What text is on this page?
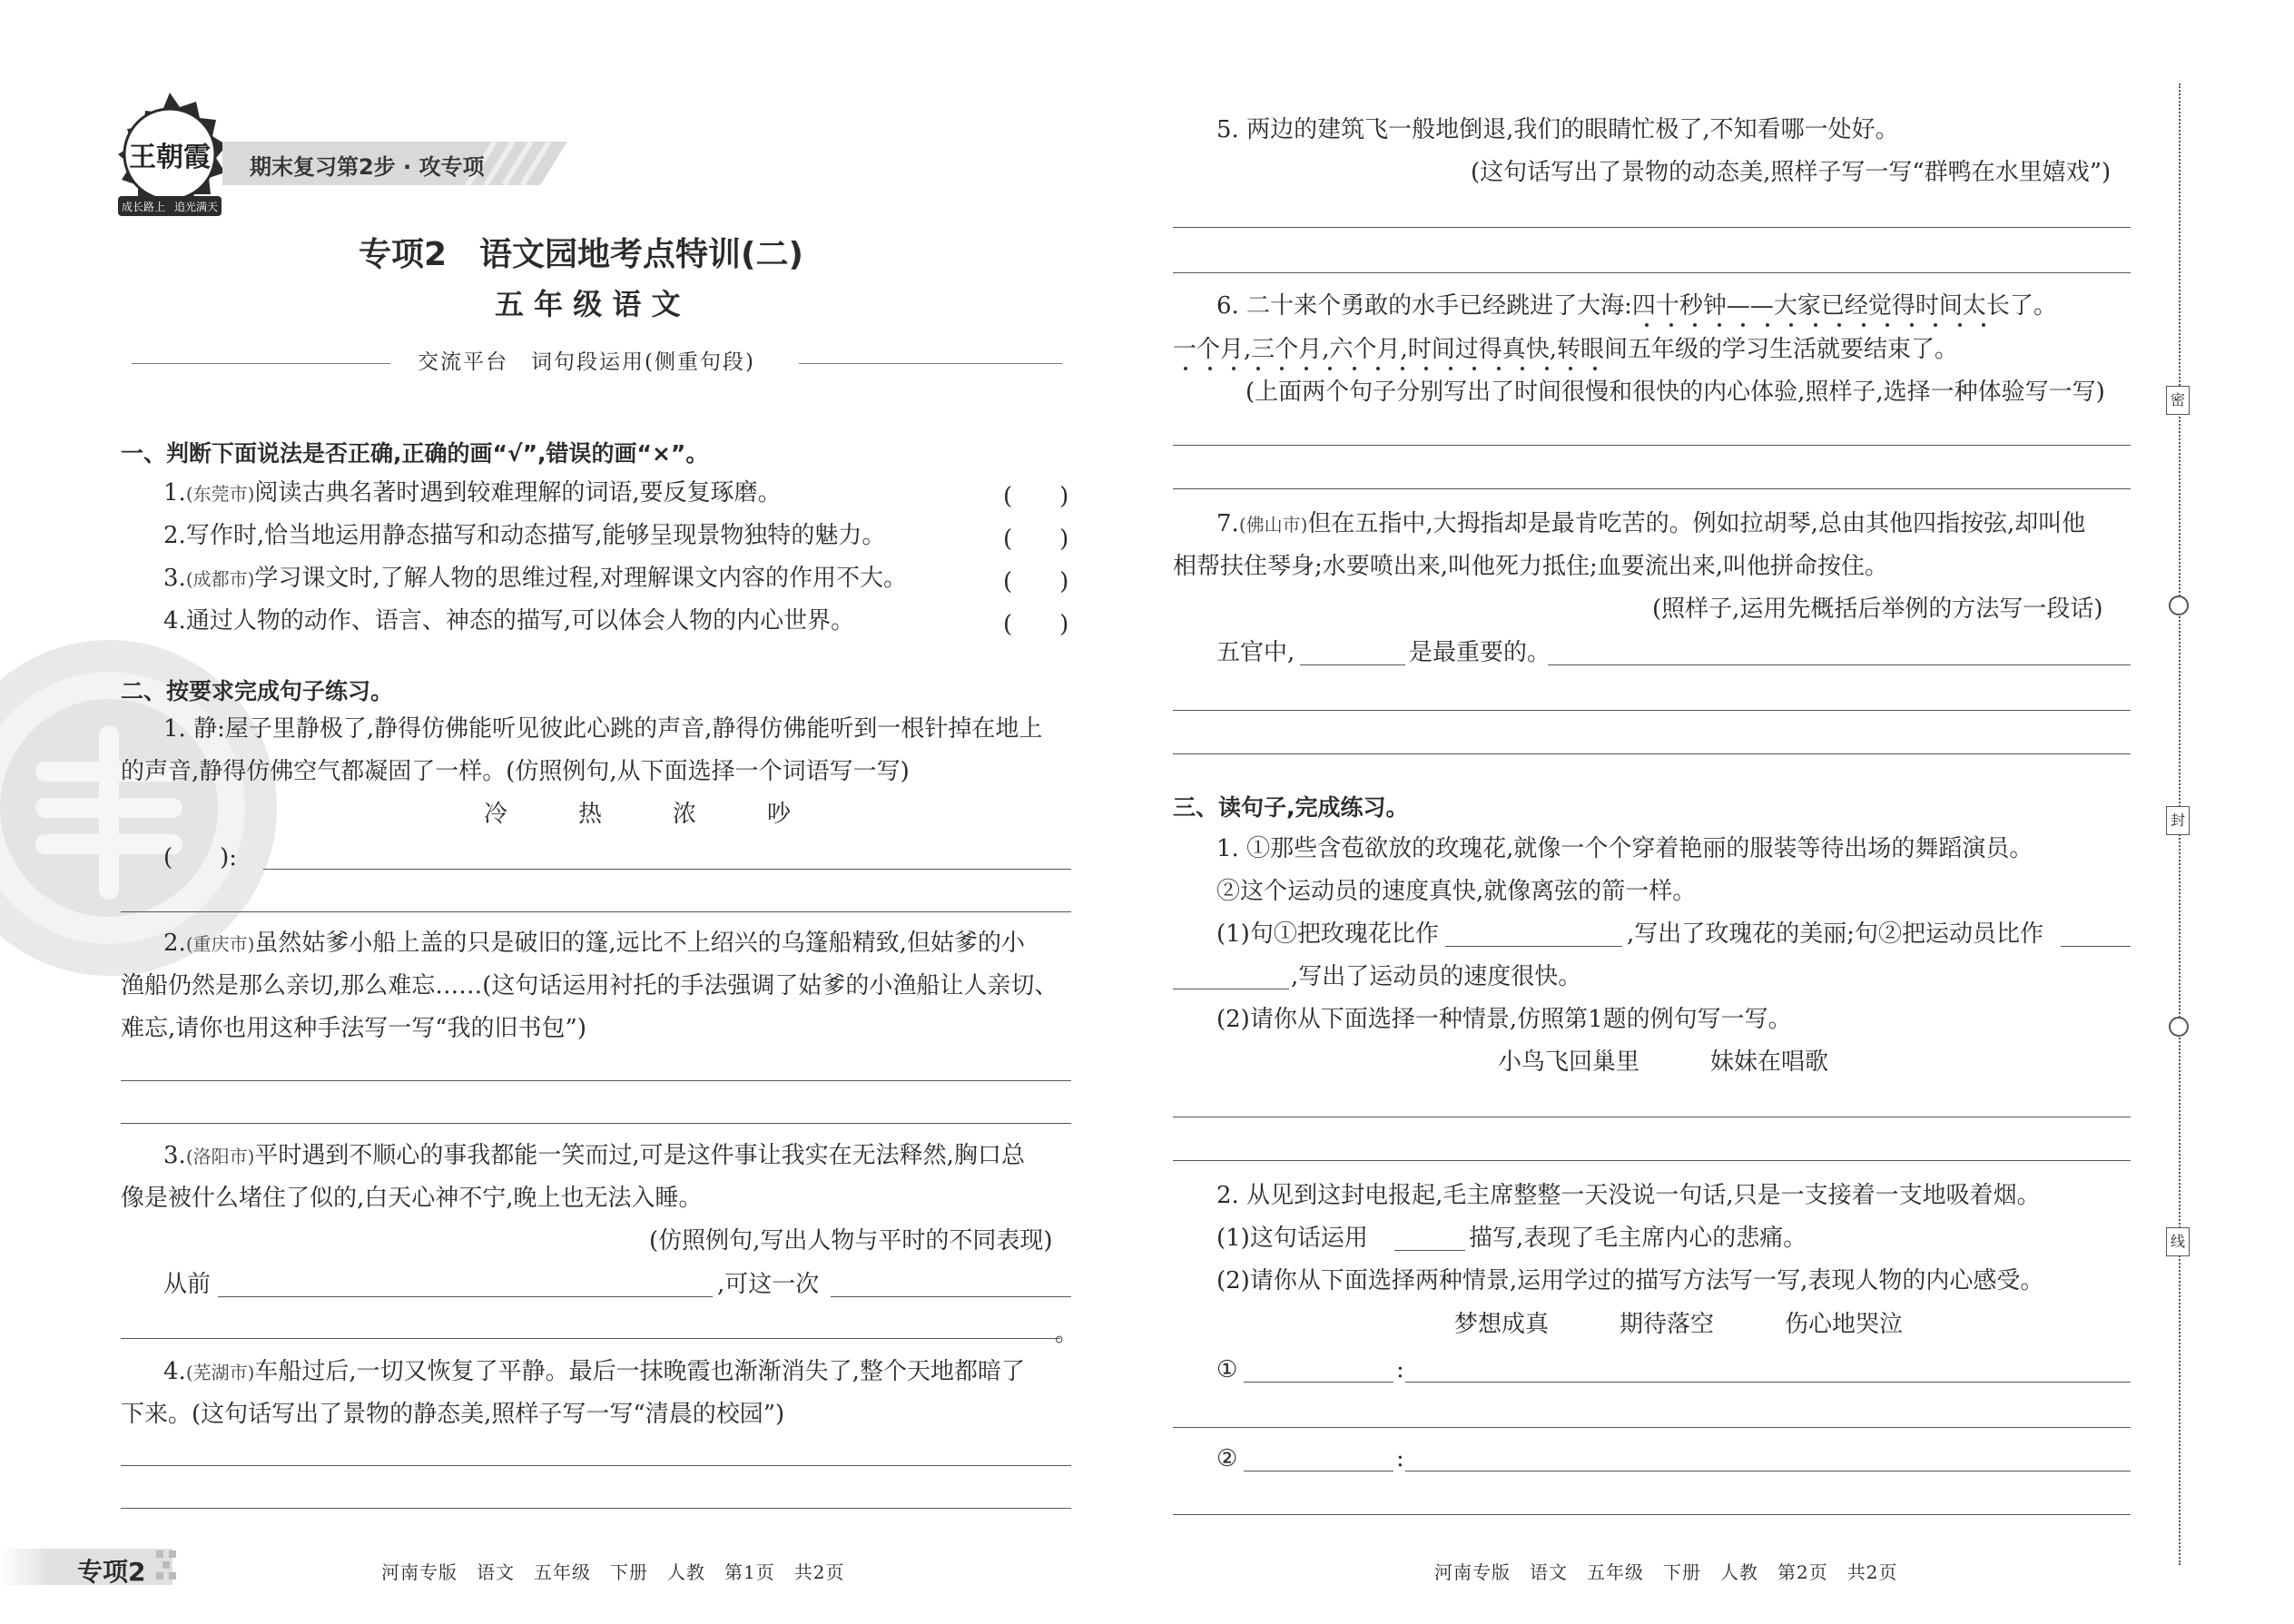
王朝霞
成长路上 追光满天
期末复习第2步 · 攻专项
专项2　语文园地考点特训(二)
五 年 级 语 文
交流平台　词句段运用(侧重句段)
一、判断下面说法是否正确,正确的画“√”,错误的画“×”。
1.(东莞市)阅读古典名著时遇到较难理解的词语,要反复琢磨。	(　　)
2.写作时,恰当地运用静态描写和动态描写,能够呈现景物独特的魅力。	(　　)
3.(成都市)学习课文时,了解人物的思维过程,对理解课文内容的作用不大。	(　　)
4.通过人物的动作、语言、神态的描写,可以体会人物的内心世界。	(　　)
二、按要求完成句子练习。
1. 静:屋子里静极了,静得仿佛能听见彼此心跳的声音,静得仿佛能听到一根针掉在地上
的声音,静得仿佛空气都凝固了一样。(仿照例句,从下面选择一个词语写一写)
冷　　　热　　　浓　　　吵
(　　):
2.(重庆市)虽然姑爹小船上盖的只是破旧的篷,远比不上绍兴的乌篷船精致,但姑爹的小
渔船仍然是那么亲切,那么难忘……(这句话运用衬托的手法强调了姑爹的小渔船让人亲切、
难忘,请你也用这种手法写一写“我的旧书包”)
3.(洛阳市)平时遇到不顺心的事我都能一笑而过,可是这件事让我实在无法释然,胸口总
像是被什么堵住了似的,白天心神不宁,晚上也无法入睡。
(仿照例句,写出人物与平时的不同表现)
从前	,可这一次
。
4.(芜湖市)车船过后,一切又恢复了平静。最后一抹晚霞也渐渐消失了,整个天地都暗了
下来。(这句话写出了景物的静态美,照样子写一写“清晨的校园”)
专项2	河南专版　语文　五年级　下册　人教　第1页　共2页
5. 两边的建筑飞一般地倒退,我们的眼睛忙极了,不知看哪一处好。
(这句话写出了景物的动态美,照样子写一写“群鸭在水里嬉戏”)
6. 二十来个勇敢的水手已经跳进了大海:四十秒钟——大家已经觉得时间太长了。
一个月,三个月,六个月,时间过得真快,转眼间五年级的学习生活就要结束了。
(上面两个句子分别写出了时间很慢和很快的内心体验,照样子,选择一种体验写一写)
7.(佛山市)但在五指中,大拇指却是最肯吃苦的。例如拉胡琴,总由其他四指按弦,却叫他
相帮扶住琴身;水要喷出来,叫他死力抵住;血要流出来,叫他拼命按住。
(照样子,运用先概括后举例的方法写一段话)
五官中,	是最重要的。
三、读句子,完成练习。
1. ①那些含苞欲放的玫瑰花,就像一个个穿着艳丽的服装等待出场的舞蹈演员。
②这个运动员的速度真快,就像离弦的箭一样。
(1)句①把玫瑰花比作	,写出了玫瑰花的美丽;句②把运动员比作
,写出了运动员的速度很快。
(2)请你从下面选择一种情景,仿照第1题的例句写一写。
小鸟飞回巢里　　　妹妹在唱歌
2. 从见到这封电报起,毛主席整整一天没说一句话,只是一支接着一支地吸着烟。
(1)这句话运用	描写,表现了毛主席内心的悲痛。
(2)请你从下面选择两种情景,运用学过的描写方法写一写,表现人物的内心感受。
梦想成真　　　期待落空　　　伤心地哭泣
①	:
②	:
河南专版　语文　五年级　下册　人教　第2页　共2页
密
封
线
